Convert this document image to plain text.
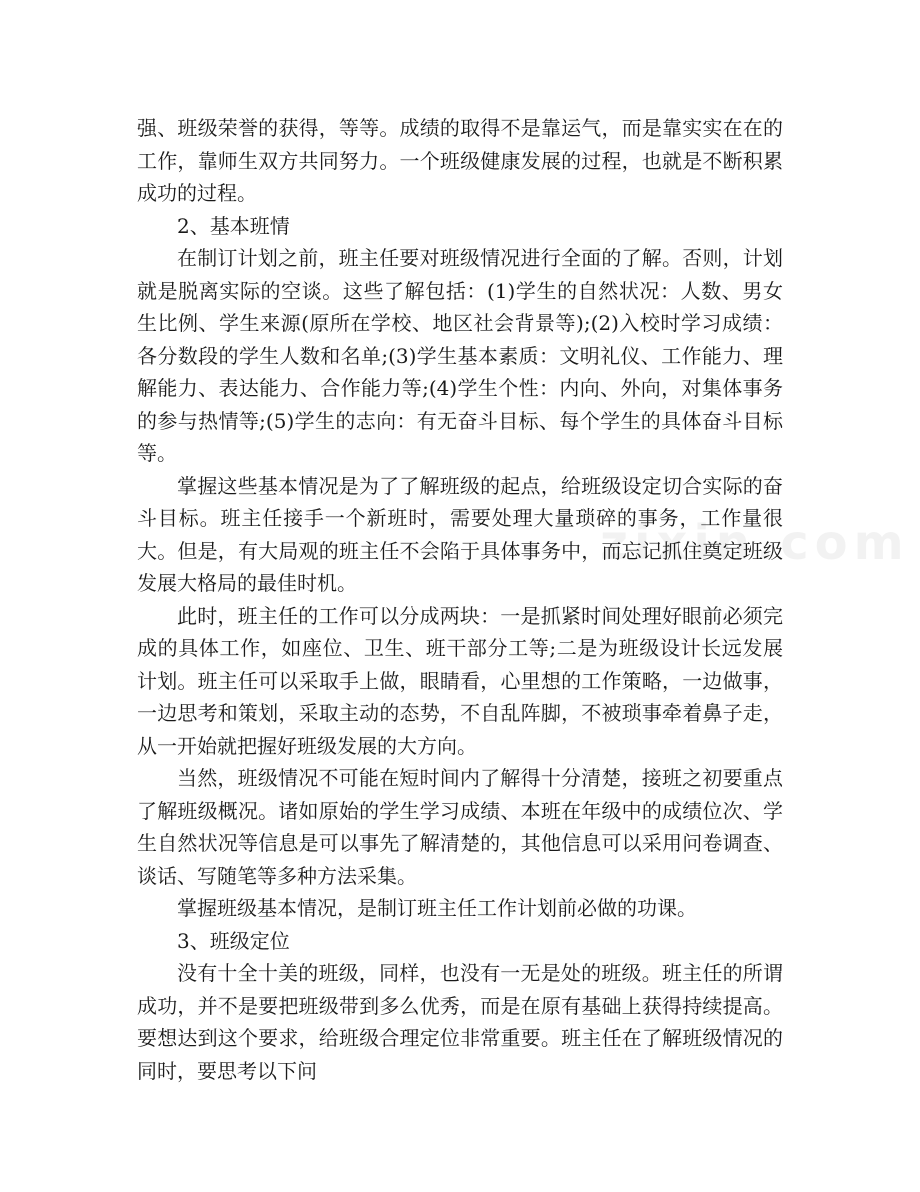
强、班级荣誉的获得，等等。成绩的取得不是靠运气，而是靠实实在在的工作，靠师生双方共同努力。一个班级健康发展的过程，也就是不断积累成功的过程。

2、基本班情

在制订计划之前，班主任要对班级情况进行全面的了解。否则，计划就是脱离实际的空谈。这些了解包括：(1)学生的自然状况：人数、男女生比例、学生来源(原所在学校、地区社会背景等);(2)入校时学习成绩：各分数段的学生人数和名单;(3)学生基本素质：文明礼仪、工作能力、理解能力、表达能力、合作能力等;(4)学生个性：内向、外向，对集体事务的参与热情等;(5)学生的志向：有无奋斗目标、每个学生的具体奋斗目标等。

掌握这些基本情况是为了了解班级的起点，给班级设定切合实际的奋斗目标。班主任接手一个新班时，需要处理大量琐碎的事务，工作量很大。但是，有大局观的班主任不会陷于具体事务中，而忘记抓住奠定班级发展大格局的最佳时机。

此时，班主任的工作可以分成两块：一是抓紧时间处理好眼前必须完成的具体工作，如座位、卫生、班干部分工等;二是为班级设计长远发展计划。班主任可以采取手上做，眼睛看，心里想的工作策略，一边做事，一边思考和策划，采取主动的态势，不自乱阵脚，不被琐事牵着鼻子走，从一开始就把握好班级发展的大方向。

当然，班级情况不可能在短时间内了解得十分清楚，接班之初要重点了解班级概况。诸如原始的学生学习成绩、本班在年级中的成绩位次、学生自然状况等信息是可以事先了解清楚的，其他信息可以采用问卷调查、谈话、写随笔等多种方法采集。

掌握班级基本情况，是制订班主任工作计划前必做的功课。

3、班级定位

没有十全十美的班级，同样，也没有一无是处的班级。班主任的所谓成功，并不是要把班级带到多么优秀，而是在原有基础上获得持续提高。要想达到这个要求，给班级合理定位非常重要。班主任在了解班级情况的同时，要思考以下问

zixin.com
